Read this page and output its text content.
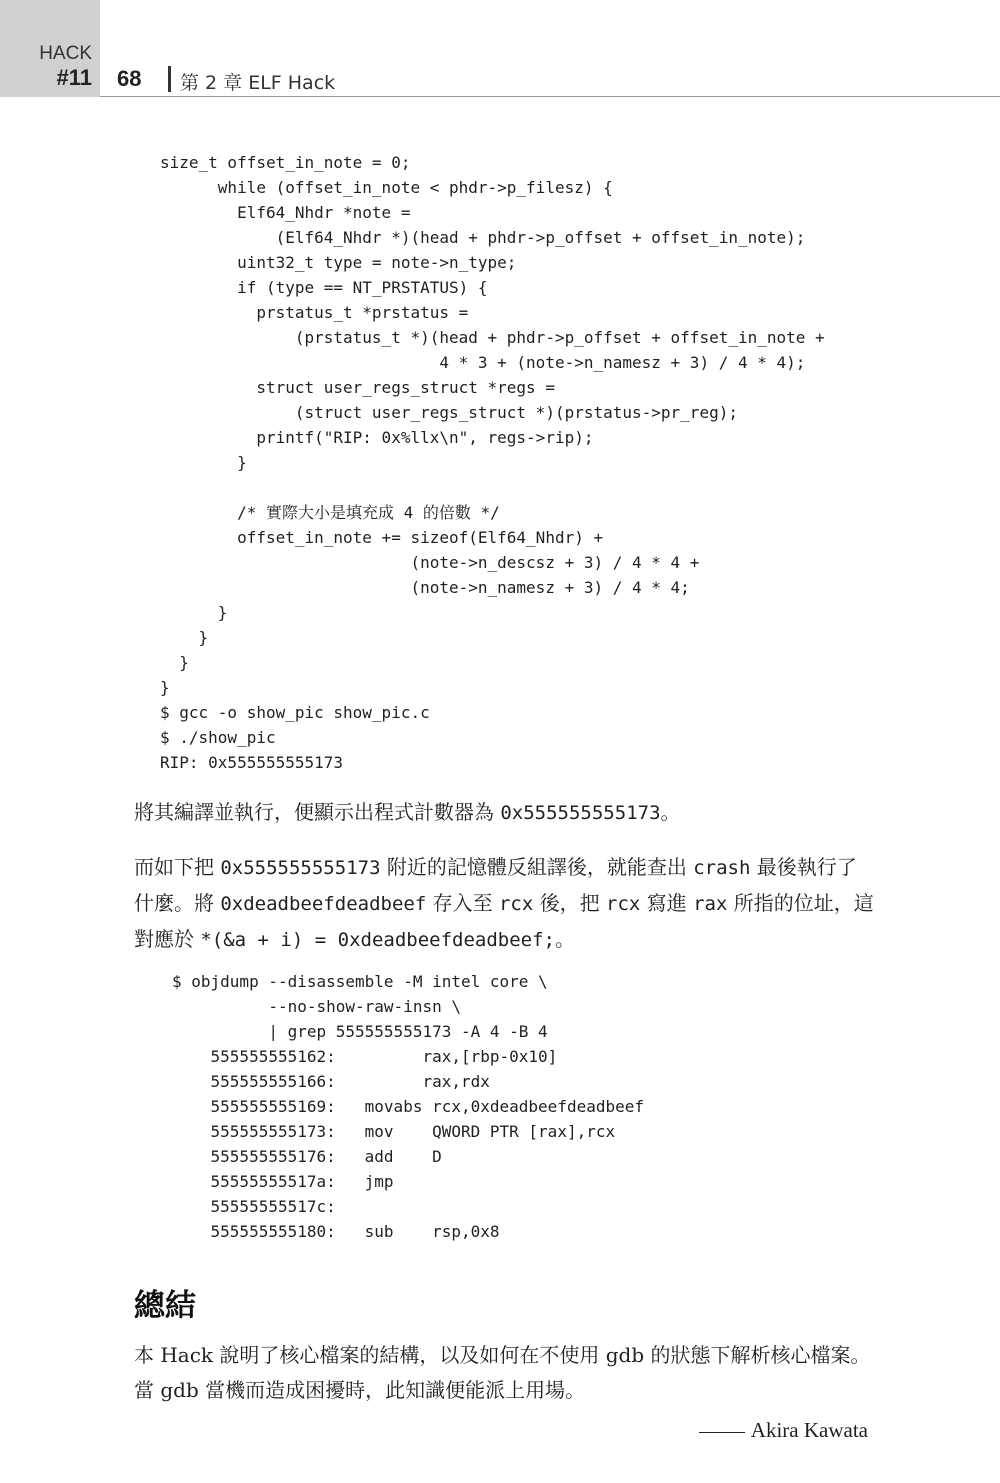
HACK
#11 68 第 2 章 ELF Hack
size_t offset_in_note = 0;
while (offset_in_note < phdr->p_filesz) {
Elf64_Nhdr *note =
(Elf64_Nhdr *)(head + phdr->p_offset + offset_in_note);
uint32_t type = note->n_type;
if (type == NT_PRSTATUS) {
prstatus_t *prstatus =
(prstatus_t *)(head + phdr->p_offset + offset_in_note +
4 * 3 + (note->n_namesz + 3) / 4 * 4);
struct user_regs_struct *regs =
(struct user_regs_struct *)(prstatus->pr_reg);
printf("RIP: 0x%llx\n", regs->rip);
}

/* 實際大小是填充成 4 的倍數 */
offset_in_note += sizeof(Elf64_Nhdr) +
(note->n_descsz + 3) / 4 * 4 +
(note->n_namesz + 3) / 4 * 4;
}
}
}
}
$ gcc -o show_pic show_pic.c
$ ./show_pic
RIP: 0x555555555173

將其編譯並執行，便顯示出程式計數器為 0x555555555173。

而如下把 0x555555555173 附近的記憶體反組譯後，就能查出 crash 最後執行了什麼。將 0xdeadbeefdeadbeef 存入至 rcx 後，把 rcx 寫進 rax 所指的位址，這對應於 *(&a + i) = 0xdeadbeefdeadbeef;。

$ objdump --disassemble -M intel core \
--no-show-raw-insn \
| grep 555555555173 -A 4 -B 4
555555555162:         rax,[rbp-0x10]
555555555166:         rax,rdx
555555555169:   movabs rcx,0xdeadbeefdeadbeef
555555555173:   mov    QWORD PTR [rax],rcx
555555555176:   add    D
55555555517a:   jmp
55555555517c:
555555555180:   sub    rsp,0x8
總結

本 Hack 說明了核心檔案的結構，以及如何在不使用 gdb 的狀態下解析核心檔案。當 gdb 當機而造成困擾時，此知識便能派上用場。

Akira Kawata
